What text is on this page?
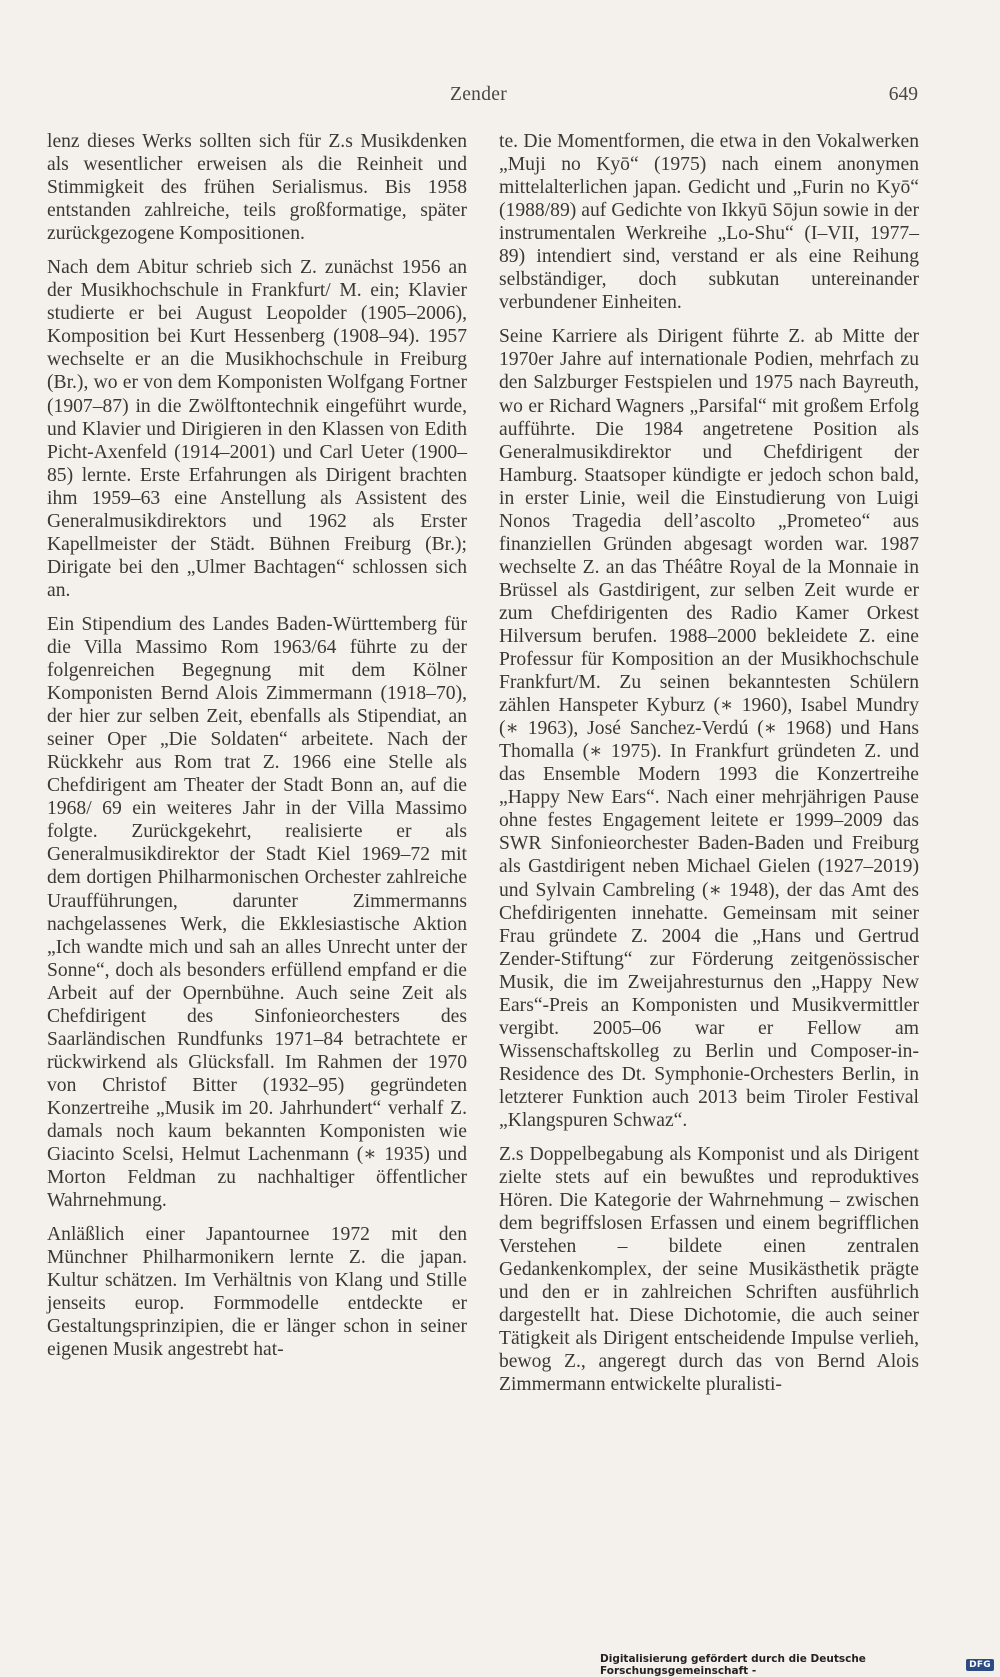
Zender	649

lenz dieses Werks sollten sich für Z.s Musikdenken als wesentlicher erweisen als die Reinheit und Stimmigkeit des frühen Serialismus. Bis 1958 entstanden zahlreiche, teils großformatige, später zurückgezogene Kompositionen.

Nach dem Abitur schrieb sich Z. zunächst 1956 an der Musikhochschule in Frankfurt/ M. ein; Klavier studierte er bei August Leopolder (1905–2006), Komposition bei Kurt Hessenberg (1908–94). 1957 wechselte er an die Musikhochschule in Freiburg (Br.), wo er von dem Komponisten Wolfgang Fortner (1907–87) in die Zwölftontechnik eingeführt wurde, und Klavier und Dirigieren in den Klassen von Edith Picht-Axenfeld (1914–2001) und Carl Ueter (1900–85) lernte. Erste Erfahrungen als Dirigent brachten ihm 1959–63 eine Anstellung als Assistent des Generalmusikdirektors und 1962 als Erster Kapellmeister der Städt. Bühnen Freiburg (Br.); Dirigate bei den „Ulmer Bachtagen“ schlossen sich an.

Ein Stipendium des Landes Baden-Württemberg für die Villa Massimo Rom 1963/64 führte zu der folgenreichen Begegnung mit dem Kölner Komponisten Bernd Alois Zimmermann (1918–70), der hier zur selben Zeit, ebenfalls als Stipendiat, an seiner Oper „Die Soldaten“ arbeitete. Nach der Rückkehr aus Rom trat Z. 1966 eine Stelle als Chefdirigent am Theater der Stadt Bonn an, auf die 1968/ 69 ein weiteres Jahr in der Villa Massimo folgte. Zurückgekehrt, realisierte er als Generalmusikdirektor der Stadt Kiel 1969–72 mit dem dortigen Philharmonischen Orchester zahlreiche Uraufführungen, darunter Zimmermanns nachgelassenes Werk, die Ekklesiastische Aktion „Ich wandte mich und sah an alles Unrecht unter der Sonne“, doch als besonders erfüllend empfand er die Arbeit auf der Opernbühne. Auch seine Zeit als Chefdirigent des Sinfonieorchesters des Saarländischen Rundfunks 1971–84 betrachtete er rückwirkend als Glücksfall. Im Rahmen der 1970 von Christof Bitter (1932–95) gegründeten Konzertreihe „Musik im 20. Jahrhundert“ verhalf Z. damals noch kaum bekannten Komponisten wie Giacinto Scelsi, Helmut Lachenmann (∗ 1935) und Morton Feldman zu nachhaltiger öffentlicher Wahrnehmung.

Anläßlich einer Japantournee 1972 mit den Münchner Philharmonikern lernte Z. die japan. Kultur schätzen. Im Verhältnis von Klang und Stille jenseits europ. Formmodelle entdeckte er Gestaltungsprinzipien, die er länger schon in seiner eigenen Musik angestrebt hat-

te. Die Momentformen, die etwa in den Vokalwerken „Muji no Kyō“ (1975) nach einem anonymen mittelalterlichen japan. Gedicht und „Furin no Kyō“ (1988/89) auf Gedichte von Ikkyū Sōjun sowie in der instrumentalen Werkreihe „Lo-Shu“ (I–VII, 1977–89) intendiert sind, verstand er als eine Reihung selbständiger, doch subkutan untereinander verbundener Einheiten.

Seine Karriere als Dirigent führte Z. ab Mitte der 1970er Jahre auf internationale Podien, mehrfach zu den Salzburger Festspielen und 1975 nach Bayreuth, wo er Richard Wagners „Parsifal“ mit großem Erfolg aufführte. Die 1984 angetretene Position als Generalmusikdirektor und Chefdirigent der Hamburg. Staatsoper kündigte er jedoch schon bald, in erster Linie, weil die Einstudierung von Luigi Nonos Tragedia dell’ascolto „Prometeo“ aus finanziellen Gründen abgesagt worden war. 1987 wechselte Z. an das Théâtre Royal de la Monnaie in Brüssel als Gastdirigent, zur selben Zeit wurde er zum Chefdirigenten des Radio Kamer Orkest Hilversum berufen. 1988–2000 bekleidete Z. eine Professur für Komposition an der Musikhochschule Frankfurt/M. Zu seinen bekanntesten Schülern zählen Hanspeter Kyburz (∗ 1960), Isabel Mundry (∗ 1963), José Sanchez-Verdú (∗ 1968) und Hans Thomalla (∗ 1975). In Frankfurt gründeten Z. und das Ensemble Modern 1993 die Konzertreihe „Happy New Ears“. Nach einer mehrjährigen Pause ohne festes Engagement leitete er 1999–2009 das SWR Sinfonieorchester Baden-Baden und Freiburg als Gastdirigent neben Michael Gielen (1927–2019) und Sylvain Cambreling (∗ 1948), der das Amt des Chefdirigenten innehatte. Gemeinsam mit seiner Frau gründete Z. 2004 die „Hans und Gertrud Zender-Stiftung“ zur Förderung zeitgenössischer Musik, die im Zweijahresturnus den „Happy New Ears“-Preis an Komponisten und Musikvermittler vergibt. 2005–06 war er Fellow am Wissenschaftskolleg zu Berlin und Composer-in-Residence des Dt. Symphonie-Orchesters Berlin, in letzterer Funktion auch 2013 beim Tiroler Festival „Klangspuren Schwaz“.

Z.s Doppelbegabung als Komponist und als Dirigent zielte stets auf ein bewußtes und reproduktives Hören. Die Kategorie der Wahrnehmung – zwischen dem begriffslosen Erfassen und einem begrifflichen Verstehen – bildete einen zentralen Gedankenkomplex, der seine Musikästhetik prägte und den er in zahlreichen Schriften ausführlich dargestellt hat. Diese Dichotomie, die auch seiner Tätigkeit als Dirigent entscheidende Impulse verlieh, bewog Z., angeregt durch das von Bernd Alois Zimmermann entwickelte pluralisti-

Digitalisierung gefördert durch die Deutsche Forschungsgemeinschaft -	DFG
